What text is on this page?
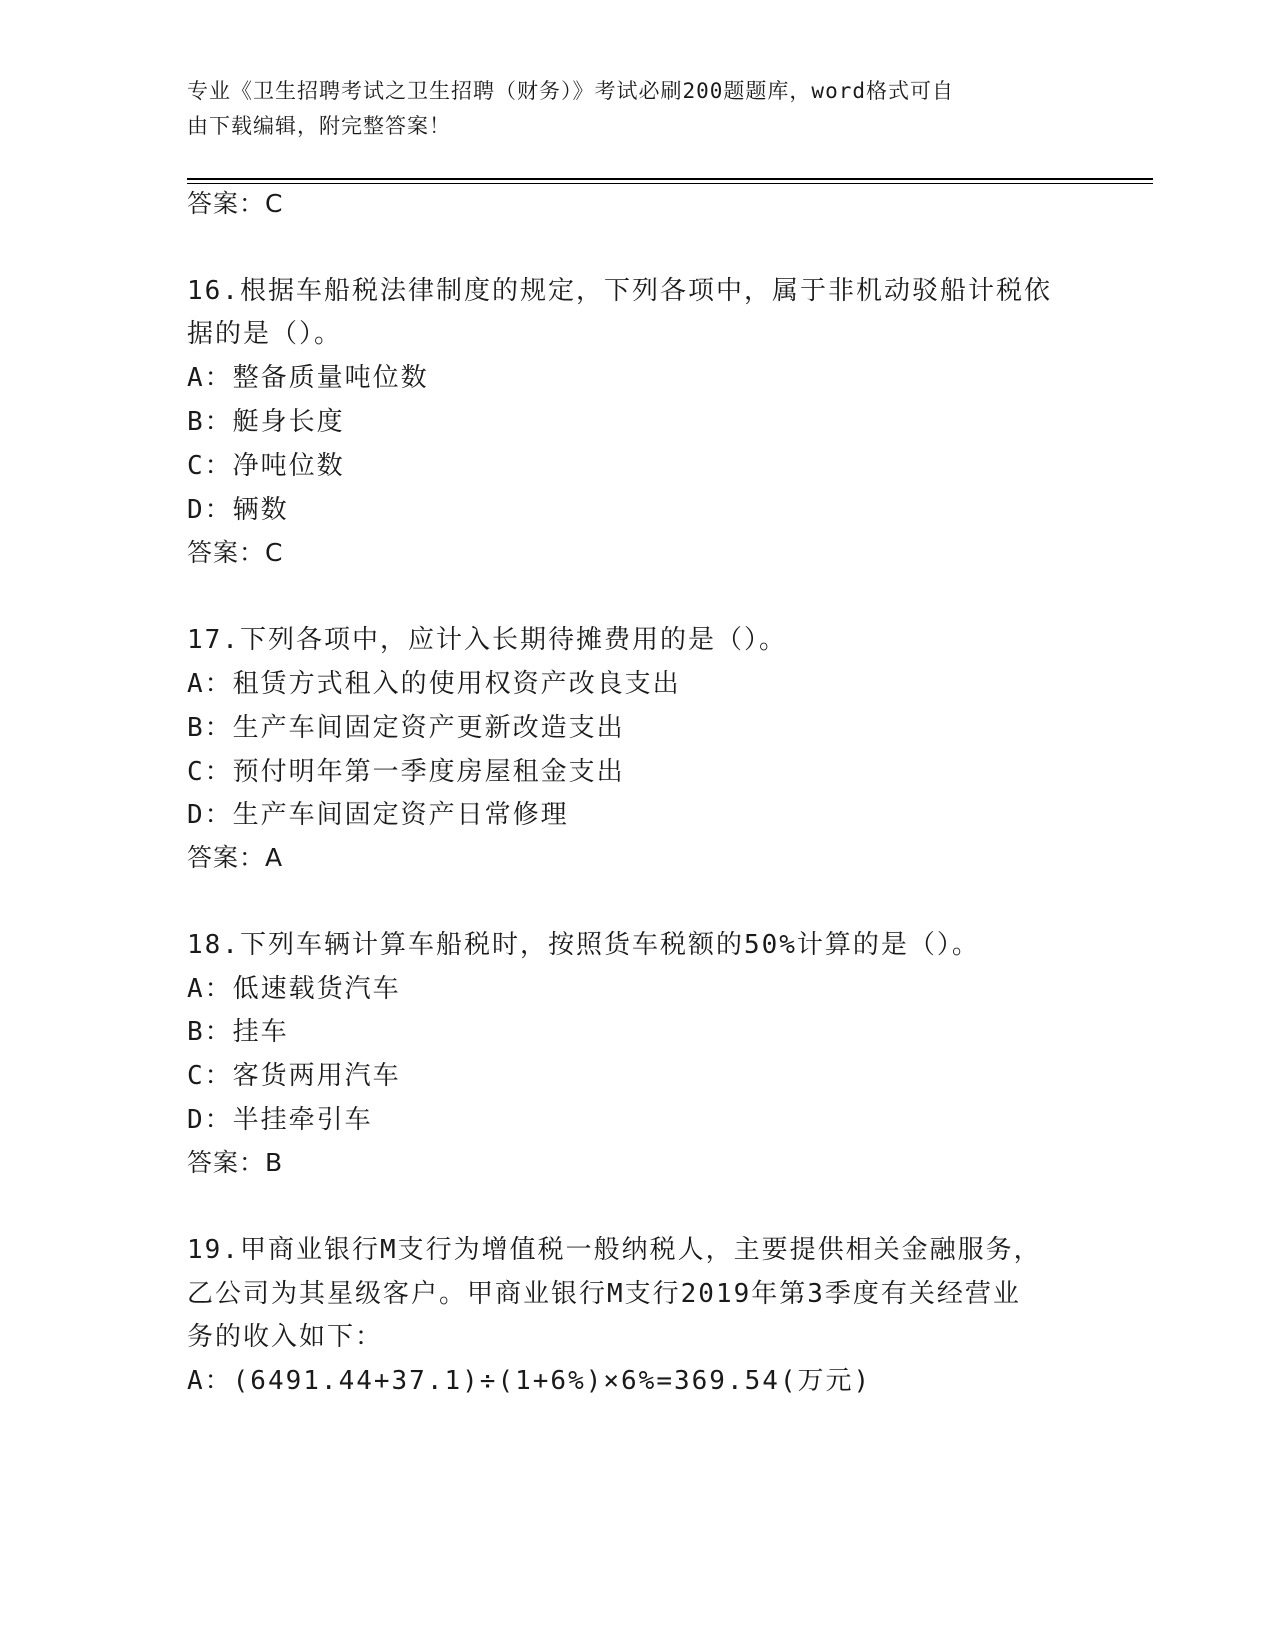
专业《卫生招聘考试之卫生招聘（财务）》考试必刷200题题库，word格式可自
由下载编辑，附完整答案！
答案：C
16.根据车船税法律制度的规定，下列各项中，属于非机动驳船计税依
据的是（）。
A：整备质量吨位数
B：艇身长度
C：净吨位数
D：辆数
答案：C
17.下列各项中，应计入长期待摊费用的是（）。
A：租赁方式租入的使用权资产改良支出
B：生产车间固定资产更新改造支出
C：预付明年第一季度房屋租金支出
D：生产车间固定资产日常修理
答案：A
18.下列车辆计算车船税时，按照货车税额的50%计算的是（）。
A：低速载货汽车
B：挂车
C：客货两用汽车
D：半挂牵引车
答案：B
19.甲商业银行M支行为增值税一般纳税人，主要提供相关金融服务，
乙公司为其星级客户。甲商业银行M支行2019年第3季度有关经营业
务的收入如下：
A：(6491.44+37.1)÷(1+6%)×6%=369.54(万元)
